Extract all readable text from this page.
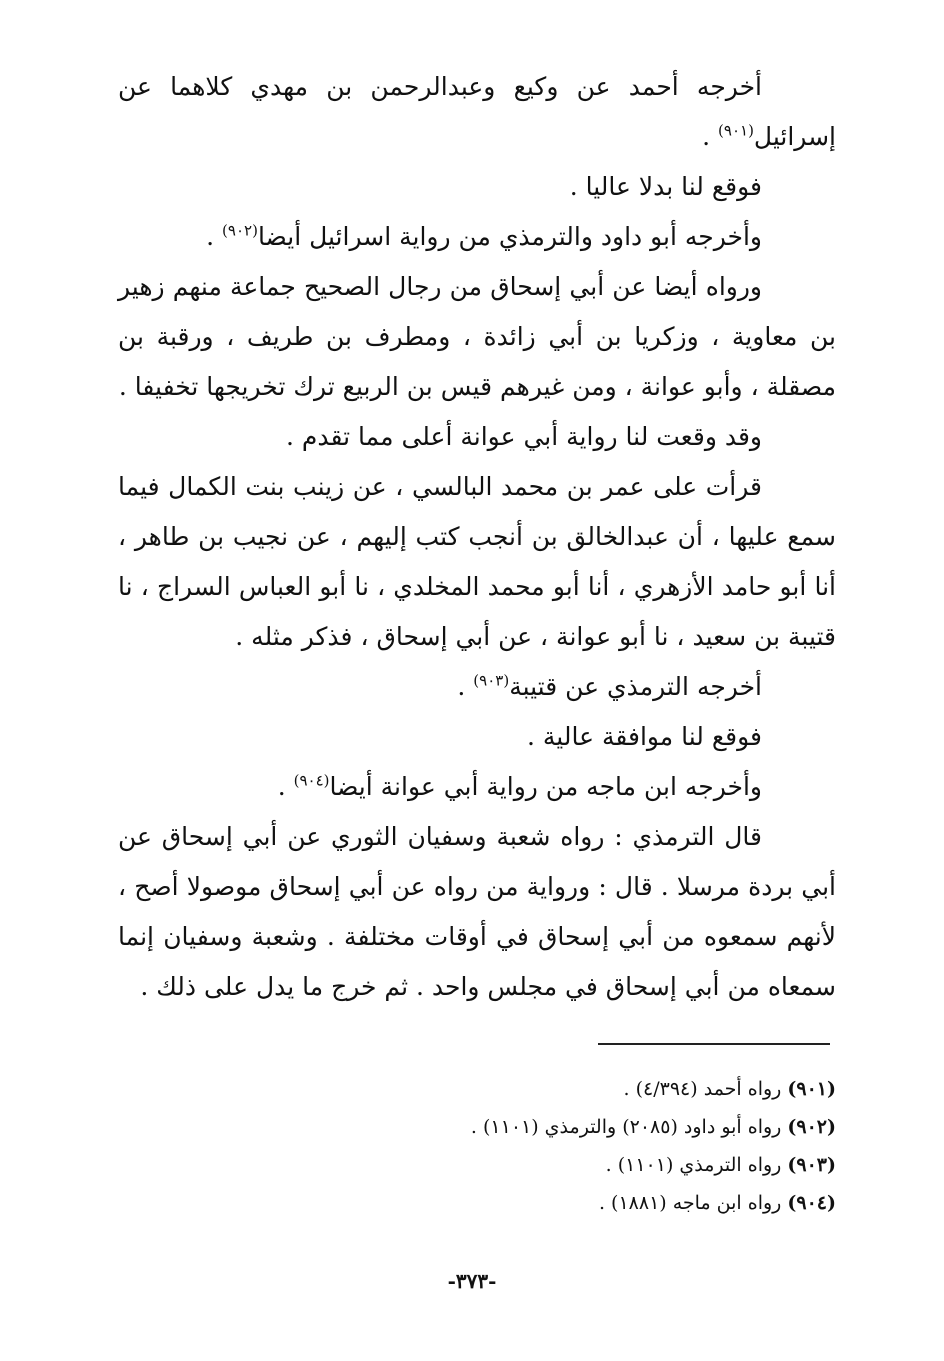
أخرجه أحمد عن وكيع وعبدالرحمن بن مهدي كلاهما عن إسرائيل$^{(٩٠١)}$ .

فوقع لنا بدلا عاليا .

وأخرجه أبو داود والترمذي من رواية اسرائيل أيضا$^{(٩٠٢)}$ .

ورواه أيضا عن أبي إسحاق من رجال الصحيح جماعة منهم زهير بن معاوية ، وزكريا بن أبي زائدة ، ومطرف بن طريف ، ورقبة بن مصقلة ، وأبو عوانة ، ومن غيرهم قيس بن الربيع ترك تخريجها تخفيفا .

وقد وقعت لنا رواية أبي عوانة أعلى مما تقدم .

قرأت على عمر بن محمد البالسي ، عن زينب بنت الكمال فيما سمع عليها ، أن عبدالخالق بن أنجب كتب إليهم ، عن نجيب بن طاهر ، أنا أبو حامد الأزهري ، أنا أبو محمد المخلدي ، نا أبو العباس السراج ، نا قتيبة بن سعيد ، نا أبو عوانة ، عن أبي إسحاق ، فذكر مثله .

أخرجه الترمذي عن قتيبة$^{(٩٠٣)}$ .

فوقع لنا موافقة عالية .

وأخرجه ابن ماجه من رواية أبي عوانة أيضا$^{(٩٠٤)}$ .

قال الترمذي : رواه شعبة وسفيان الثوري عن أبي إسحاق عن أبي بردة مرسلا . قال : ورواية من رواه عن أبي إسحاق موصولا أصح ، لأنهم سمعوه من أبي إسحاق في أوقات مختلفة . وشعبة وسفيان إنما سمعاه من أبي إسحاق في مجلس واحد . ثم خرج ما يدل على ذلك .

(٩٠١) رواه أحمد (٤/٣٩٤) .
(٩٠٢) رواه أبو داود (٢٠٨٥) والترمذي (١١٠١) .
(٩٠٣) رواه الترمذي (١١٠١) .
(٩٠٤) رواه ابن ماجه (١٨٨١) .
-٣٧٣-
